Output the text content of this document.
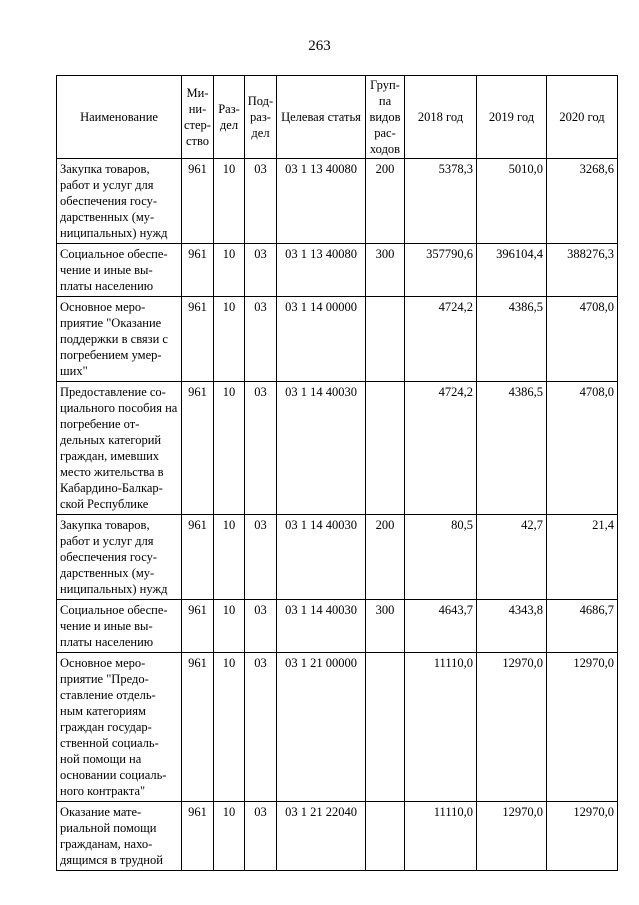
263
Наименование	Ми-ни-стер-ство	Раз-дел	Под-раз-дел	Целевая статья	Груп-па видов рас-ходов	2018 год	2019 год	2020 год
Закупка товаров, работ и услуг для обеспечения госу-дарственных (му-ниципальных) нужд	961	10	03	03 1 13 40080	200	5378,3	5010,0	3268,6
Социальное обеспе-чение и иные вы-платы населению	961	10	03	03 1 13 40080	300	357790,6	396104,4	388276,3
Основное меро-приятие "Оказание поддержки в связи с погребением умер-ших"	961	10	03	03 1 14 00000		4724,2	4386,5	4708,0
Предоставление со-циального пособия на погребение от-дельных категорий граждан, имевших место жительства в Кабардино-Балкар-ской Республике	961	10	03	03 1 14 40030		4724,2	4386,5	4708,0
Закупка товаров, работ и услуг для обеспечения госу-дарственных (му-ниципальных) нужд	961	10	03	03 1 14 40030	200	80,5	42,7	21,4
Социальное обеспе-чение и иные вы-платы населению	961	10	03	03 1 14 40030	300	4643,7	4343,8	4686,7
Основное меро-приятие "Предо-ставление отдель-ным категориям граждан государ-ственной социаль-ной помощи на основании социаль-ного контракта"	961	10	03	03 1 21 00000		11110,0	12970,0	12970,0
Оказание мате-риальной помощи гражданам, нахо-дящимся в трудной	961	10	03	03 1 21 22040		11110,0	12970,0	12970,0
